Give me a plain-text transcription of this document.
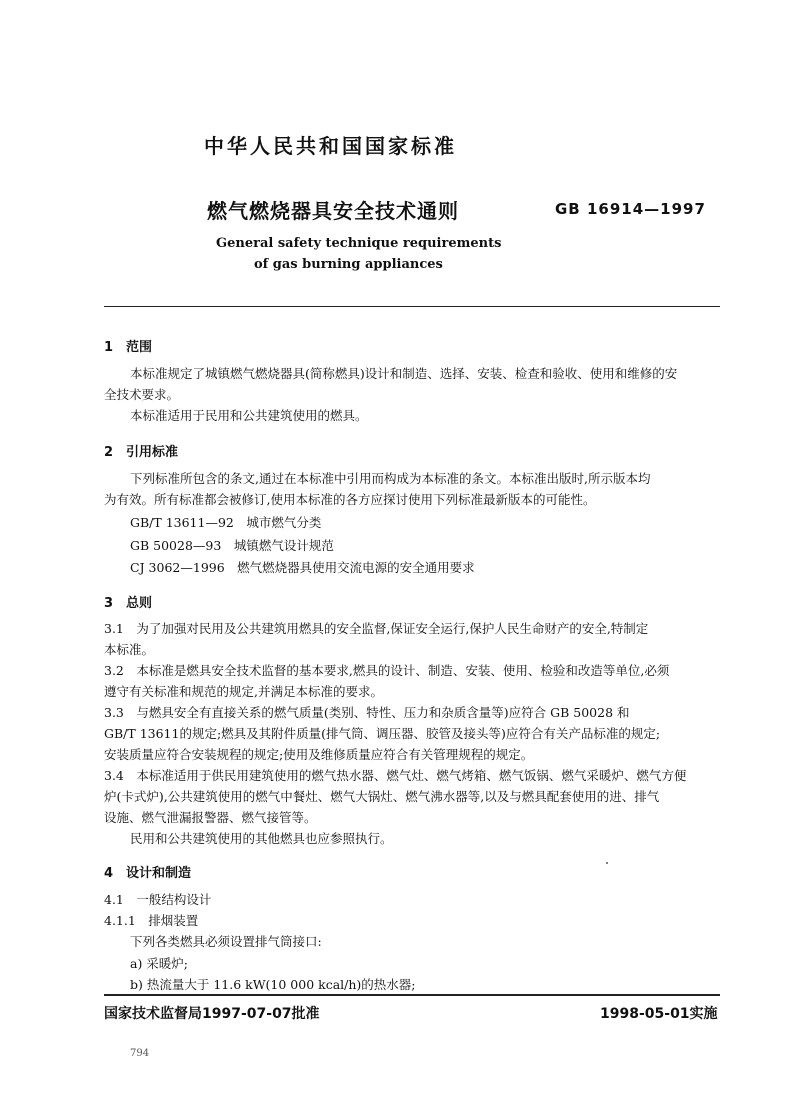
中华人民共和国国家标准
燃气燃烧器具安全技术通则	GB 16914—1997
General safety technique requirements
of gas burning appliances
1　范围
本标准规定了城镇燃气燃烧器具(简称燃具)设计和制造、选择、安装、检查和验收、使用和维修的安
全技术要求。
本标准适用于民用和公共建筑使用的燃具。
2　引用标准
下列标准所包含的条文,通过在本标准中引用而构成为本标准的条文。本标准出版时,所示版本均
为有效。所有标准都会被修订,使用本标准的各方应探讨使用下列标准最新版本的可能性。
GB/T 13611—92　城市燃气分类
GB 50028—93　城镇燃气设计规范
CJ 3062—1996　燃气燃烧器具使用交流电源的安全通用要求
3　总则
3.1　为了加强对民用及公共建筑用燃具的安全监督,保证安全运行,保护人民生命财产的安全,特制定
本标准。
3.2　本标准是燃具安全技术监督的基本要求,燃具的设计、制造、安装、使用、检验和改造等单位,必须
遵守有关标准和规范的规定,并满足本标准的要求。
3.3　与燃具安全有直接关系的燃气质量(类别、特性、压力和杂质含量等)应符合 GB 50028 和
GB/T 13611的规定;燃具及其附件质量(排气筒、调压器、胶管及接头等)应符合有关产品标准的规定;
安装质量应符合安装规程的规定;使用及维修质量应符合有关管理规程的规定。
3.4　本标准适用于供民用建筑使用的燃气热水器、燃气灶、燃气烤箱、燃气饭锅、燃气采暖炉、燃气方便
炉(卡式炉),公共建筑使用的燃气中餐灶、燃气大锅灶、燃气沸水器等,以及与燃具配套使用的进、排气
设施、燃气泄漏报警器、燃气接管等。
民用和公共建筑使用的其他燃具也应参照执行。
4　设计和制造
4.1　一般结构设计
4.1.1　排烟装置
下列各类燃具必须设置排气筒接口:
a) 采暖炉;
b) 热流量大于 11.6 kW(10 000 kcal/h)的热水器;
国家技术监督局1997-07-07批准	1998-05-01实施
794
